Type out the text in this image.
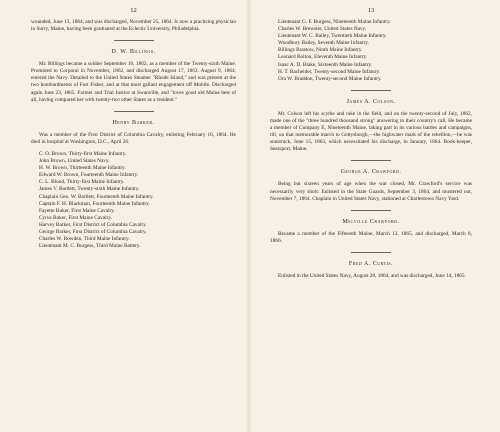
12

wounded, June 13, 1864, and was discharged, November 25, 1864. Is now a practising physician in Surry, Maine, having been graduated at the Eclectic University, Philadelphia.

D. W. Billings.

Mr. Billings became a soldier September 10, 1862, as a member of the Twenty-sixth Maine. Promoted to Corporal in November, 1862, and discharged August 17, 1863. August 9, 1864, entered the Navy. Detailed to the United States Steamer "Rhode Island," and was present at the two bombardments of Fort Fisher, and at that most gallant engagement off Mobile. Discharged again June 23, 1865. Farmer and Trial Justice at Swanville, and "loves good old Maine best of all, having compared her with twenty-two other States as a resident."

Henry Barker.

Was a member of the First District of Columbia Cavalry, enlisting February 16, 1864. He died in hospital at Washington, D.C., April 26.

C. O. Brown, Thirty-first Maine Infantry.
John Brown, United States Navy.
H. W. Brown, Thirteenth Maine Infantry.
Edward W. Brown, Fourteenth Maine Infantry.
C. L. Blood, Thirty-first Maine Infantry.
James V. Bartlett, Twenty-sixth Maine Infantry.
Chaplain Geo. W. Bartlett, Fourteenth Maine Infantry.
Captain F. H. Blackman, Fourteenth Maine Infantry.
Fayette Buker, First Maine Cavalry.
Cyrus Buker, First Maine Cavalry.
Harvey Barker, First District of Columbia Cavalry.
George Barker, First District of Columbia Cavalry.
Charles W. Bowden, Third Maine Infantry.
Lieutenant M. C. Burgess, Third Maine Battery.
13
Lieutenant G. F. Burgess, Nineteenth Maine Infantry.
Charles W. Brewster, United States Navy.
Lieutenant W. C. Bailey, Twentieth Maine Infantry.
Woodbury Bailey, Seventh Maine Infantry.
Billings Brastow, Ninth Maine Infantry.
Leonard Bolton, Eleventh Maine Infantry.
Isaac A. D. Blake, Sixteenth Maine Infantry.
H. T. Bachelder, Twenty-second Maine Infantry.
Ora W. Braddon, Twenty-second Maine Infantry.
James A. Colson.

Mr. Colson left his scythe and rake in the field, and on the twenty-second of July, 1862, made one of the "three hundred thousand strong" answering to their country's call. He became a member of Company E, Nineteenth Maine, taking part in its various battles and campaigns, till, on that memorable march to Gettysburgh,—the highwater mark of the rebellion,—he was sunstruck, June 15, 1863, which necessitated his discharge, in January, 1864. Book-keeper, Searsport, Maine.

George A. Crawford.

Being but sixteen years of age when the war closed, Mr. Crawford's service was necessarily very short. Enlisted in the State Guards, September 3, 1864, and mustered out, November 7, 1864. Chaplain in United States Navy, stationed at Charlestown Navy Yard.

Melville Crawford.

Became a member of the Fifteenth Maine, March 13, 1865, and discharged, March 8, 1866.

Fred A. Curtis.

Enlisted in the United States Navy, August 28, 1864, and was discharged, June 14, 1865.
